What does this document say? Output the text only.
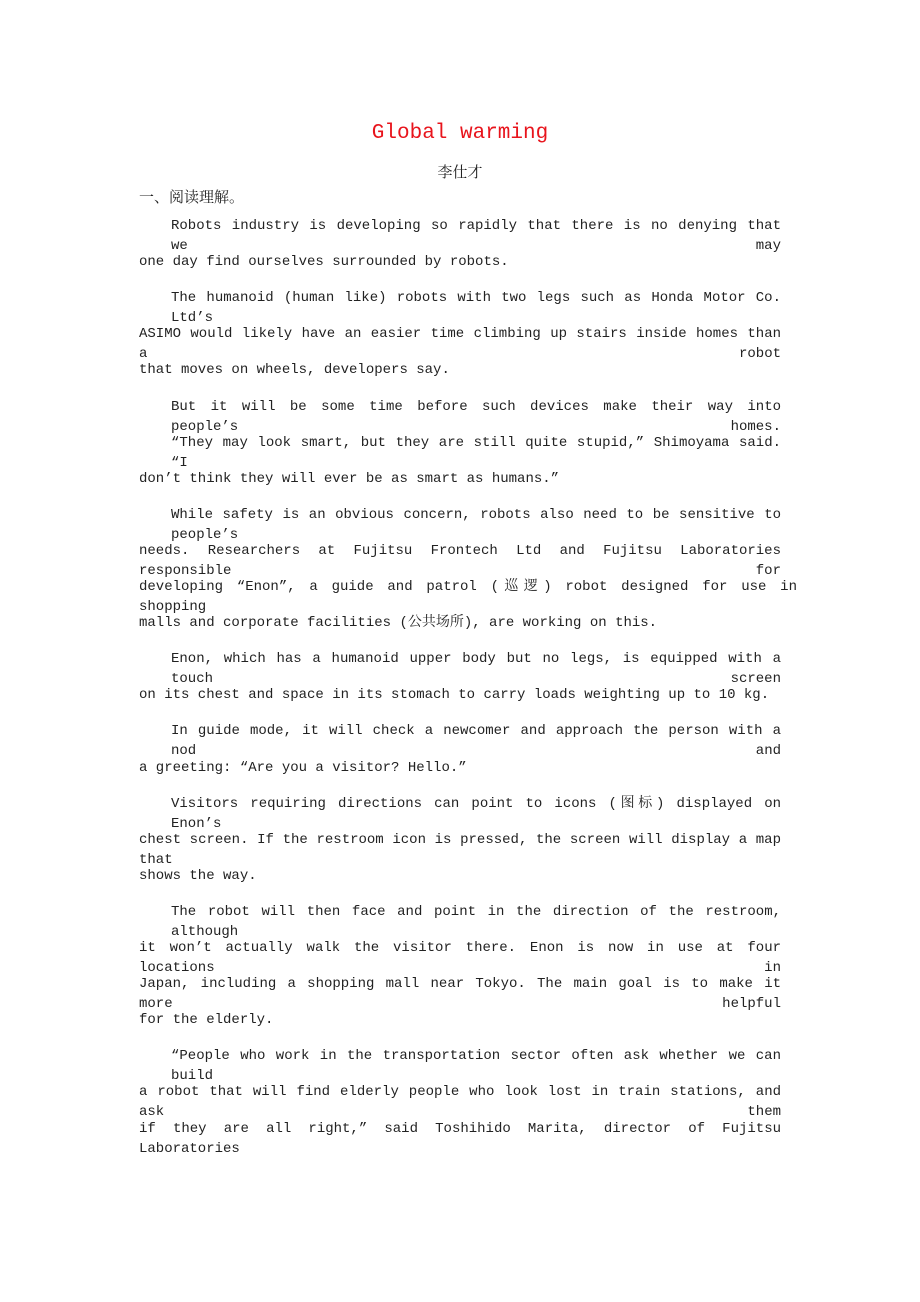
Global warming
李仕才
一、阅读理解。
Robots industry is developing so rapidly that there is no denying that we may
one day find ourselves surrounded by robots.
The humanoid (human like) robots with two legs such as Honda Motor Co. Ltd’s
ASIMO would likely have an easier time climbing up stairs inside homes than a robot
that moves on wheels, developers say.
But it will be some time before such devices make their way into people’s homes.
“They may look smart, but they are still quite stupid,” Shimoyama said. “I
don’t think they will ever be as smart as humans.”
While safety is an obvious concern, robots also need to be sensitive to people’s
needs. Researchers at Fujitsu Frontech Ltd and Fujitsu Laboratories responsible for
developing “Enon”, a guide and patrol (巡逻) robot designed for use in shopping
malls and corporate facilities (公共场所), are working on this.
Enon, which has a humanoid upper body but no legs, is equipped with a touch screen
on its chest and space in its stomach to carry loads weighting up to 10 kg.
In guide mode, it will check a newcomer and approach the person with a nod and
a greeting: “Are you a visitor? Hello.”
Visitors requiring directions can point to icons (图标) displayed on Enon’s
chest screen. If the restroom icon is pressed, the screen will display a map that
shows the way.
The robot will then face and point in the direction of the restroom, although
it won’t actually walk the visitor there. Enon is now in use at four locations in
Japan, including a shopping mall near Tokyo. The main goal is to make it more helpful
for the elderly.
“People who work in the transportation sector often ask whether we can build
a robot that will find elderly people who look lost in train stations, and ask them
if they are all right,” said Toshihido Marita, director of Fujitsu Laboratories
